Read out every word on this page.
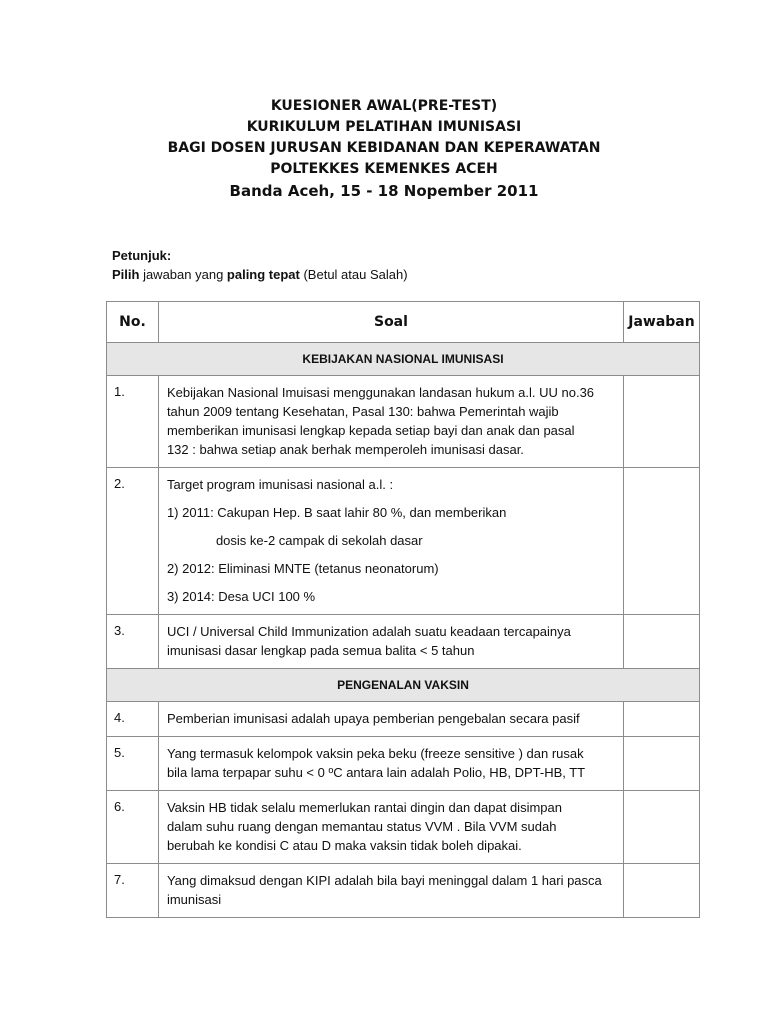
KUESIONER AWAL(PRE-TEST)

KURIKULUM PELATIHAN IMUNISASI

BAGI DOSEN JURUSAN KEBIDANAN DAN KEPERAWATAN

POLTEKKES KEMENKES ACEH

Banda Aceh, 15 - 18 Nopember 2011

Petunjuk:
Pilih jawaban yang paling tepat (Betul atau Salah)
No.	Soal	Jawaban
KEBIJAKAN NASIONAL IMUNISASI		
1.	Kebijakan Nasional Imuisasi menggunakan landasan hukum a.l. UU no.36

tahun 2009 tentang Kesehatan, Pasal 130: bahwa Pemerintah wajib

memberikan imunisasi lengkap kepada setiap bayi dan anak dan pasal

132 : bahwa setiap anak berhak memperoleh imunisasi dasar.	

2.	Target program imunisasi nasional a.l. :

1) 2011: Cakupan Hep. B saat lahir 80 %, dan memberikan

dosis ke-2 campak di sekolah dasar

2) 2012: Eliminasi MNTE (tetanus neonatorum)

3) 2014: Desa UCI 100 %	

3.	UCI / Universal Child Immunization adalah suatu keadaan tercapainya

imunisasi dasar lengkap pada semua balita < 5 tahun	

PENGENALAN VAKSIN		
4.	Pemberian imunisasi adalah upaya pemberian pengebalan secara pasif	

5.	Yang termasuk kelompok vaksin peka beku (freeze sensitive ) dan rusak

bila lama terpapar suhu < 0 ºC antara lain adalah Polio, HB, DPT-HB, TT	

6.	Vaksin HB tidak selalu memerlukan rantai dingin dan dapat disimpan

dalam suhu ruang dengan memantau status VVM . Bila VVM sudah

berubah ke kondisi C atau D maka vaksin tidak boleh dipakai.	

7.	Yang dimaksud dengan KIPI adalah bila bayi meninggal dalam 1 hari pasca

imunisasi	
